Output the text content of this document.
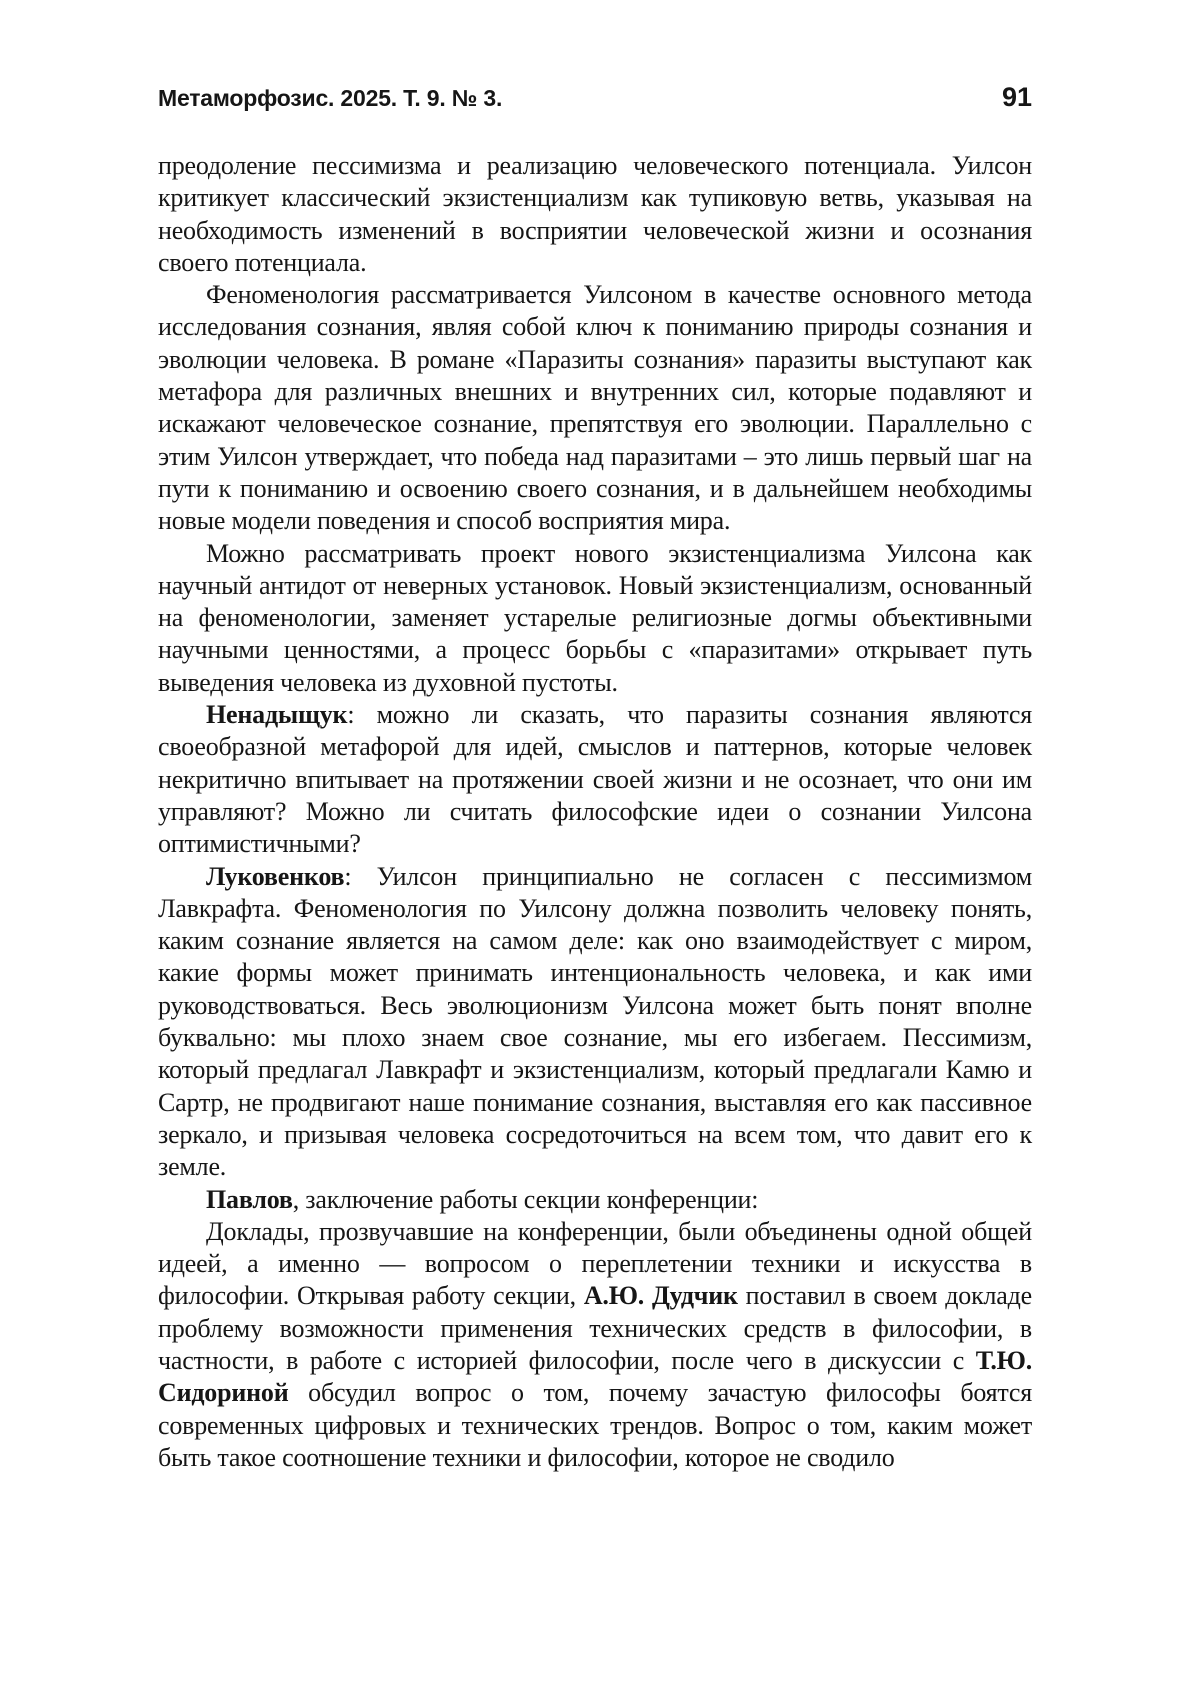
Метаморфозис. 2025. Т. 9. № 3.	91

преодоление пессимизма и реализацию человеческого потенциала. Уилсон критикует классический экзистенциализм как тупиковую ветвь, указывая на необходимость изменений в восприятии человеческой жизни и осознания своего потенциала.

Феноменология рассматривается Уилсоном в качестве основного метода исследования сознания, являя собой ключ к пониманию природы сознания и эволюции человека. В романе «Паразиты сознания» паразиты выступают как метафора для различных внешних и внутренних сил, которые подавляют и искажают человеческое сознание, препятствуя его эволюции. Параллельно с этим Уилсон утверждает, что победа над паразитами – это лишь первый шаг на пути к пониманию и освоению своего сознания, и в дальнейшем необходимы новые модели поведения и способ восприятия мира.

Можно рассматривать проект нового экзистенциализма Уилсона как научный антидот от неверных установок. Новый экзистенциализм, основанный на феноменологии, заменяет устарелые религиозные догмы объективными научными ценностями, а процесс борьбы с «паразитами» открывает путь выведения человека из духовной пустоты.

Ненадыщук: можно ли сказать, что паразиты сознания являются своеобразной метафорой для идей, смыслов и паттернов, которые человек некритично впитывает на протяжении своей жизни и не осознает, что они им управляют? Можно ли считать философские идеи о сознании Уилсона оптимистичными?

Луковенков: Уилсон принципиально не согласен с пессимизмом Лавкрафта. Феноменология по Уилсону должна позволить человеку понять, каким сознание является на самом деле: как оно взаимодействует с миром, какие формы может принимать интенциональность человека, и как ими руководствоваться. Весь эволюционизм Уилсона может быть понят вполне буквально: мы плохо знаем свое сознание, мы его избегаем. Пессимизм, который предлагал Лавкрафт и экзистенциализм, который предлагали Камю и Сартр, не продвигают наше понимание сознания, выставляя его как пассивное зеркало, и призывая человека сосредоточиться на всем том, что давит его к земле.

Павлов, заключение работы секции конференции:

Доклады, прозвучавшие на конференции, были объединены одной общей идеей, а именно — вопросом о переплетении техники и искусства в философии. Открывая работу секции, А.Ю. Дудчик поставил в своем докладе проблему возможности применения технических средств в философии, в частности, в работе с историей философии, после чего в дискуссии с Т.Ю. Сидориной обсудил вопрос о том, почему зачастую философы боятся современных цифровых и технических трендов. Вопрос о том, каким может быть такое соотношение техники и философии, которое не сводило
